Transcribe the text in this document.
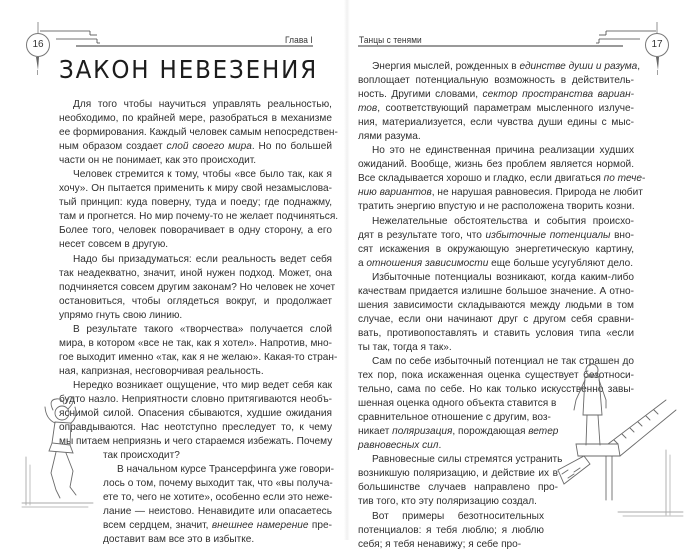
16	Глава I
ЗАКОН НЕВЕЗЕНИЯ
Для того чтобы научиться управлять реальностью,
необходимо, по крайней мере, разобраться в механизме
ее формирования. Каждый человек самым непосредствен-
ным образом создает слой своего мира. Но по большей
части он не понимает, как это происходит.
Человек стремится к тому, чтобы «все было так, как я
хочу». Он пытается применить к миру свой незамыслова-
тый принцип: куда поверну, туда и поеду; где поднажму,
там и прогнется. Но мир почему-то не желает подчиняться.
Более того, человек поворачивает в одну сторону, а его
несет совсем в другую.
Надо бы призадуматься: если реальность ведет себя
так неадекватно, значит, иной нужен подход. Может, она
подчиняется совсем другим законам? Но человек не хочет
остановиться, чтобы оглядеться вокруг, и продолжает
упрямо гнуть свою линию.
В результате такого «творчества» получается слой
мира, в котором «все не так, как я хотел». Напротив, мно-
гое выходит именно «так, как я не желаю». Какая-то стран-
ная, капризная, несговорчивая реальность.
Нередко возникает ощущение, что мир ведет себя как
будто назло. Неприятности словно притягиваются необъ-
яснимой силой. Опасения сбываются, худшие ожидания
оправдываются. Нас неотступно преследует то, к чему
мы питаем неприязнь и чего стараемся избежать. Почему
так происходит?
В начальном курсе Трансерфинга уже говори-
лось о том, почему выходит так, что «вы получа-
ете то, чего не хотите», особенно если это неже-
лание — неистово. Ненавидите или опасаетесь
всем сердцем, значит, внешнее намерение пре-
доставит вам все это в избытке.
17
Танцы с тенями
Энергия мыслей, рожденных в единстве души и разума,
воплощает потенциальную возможность в действитель-
ность. Другими словами, сектор пространства вариан-
тов, соответствующий параметрам мысленного излуче-
ния, материализуется, если чувства души едины с мыс-
лями разума.
Но это не единственная причина реализации худших
ожиданий. Вообще, жизнь без проблем является нормой.
Все складывается хорошо и гладко, если двигаться по тече-
нию вариантов, не нарушая равновесия. Природа не любит
тратить энергию впустую и не расположена творить козни.
Нежелательные обстоятельства и события происхо-
дят в результате того, что избыточные потенциалы вно-
сят искажения в окружающую энергетическую картину,
а отношения зависимости еще больше усугубляют дело.
Избыточные потенциалы возникают, когда каким-либо
качествам придается излишне большое значение. А отно-
шения зависимости складываются между людьми в том
случае, если они начинают друг с другом себя сравни-
вать, противопоставлять и ставить условия типа «если
ты так, тогда я так».
Сам по себе избыточный потенциал не так страшен до
тех пор, пока искаженная оценка существует безотноси-
тельно, сама по себе. Но как только искусственно завы-
шенная оценка одного объекта ставится в
сравнительное отношение с другим, воз-
никает поляризация, порождающая ветер
равновесных сил.
Равновесные силы стремятся устранить
возникшую поляризацию, и действие их в
большинстве случаев направлено про-
тив того, кто эту поляризацию создал.
Вот примеры безотносительных
потенциалов: я тебя люблю; я люблю
себя; я тебя ненавижу; я себе про-
